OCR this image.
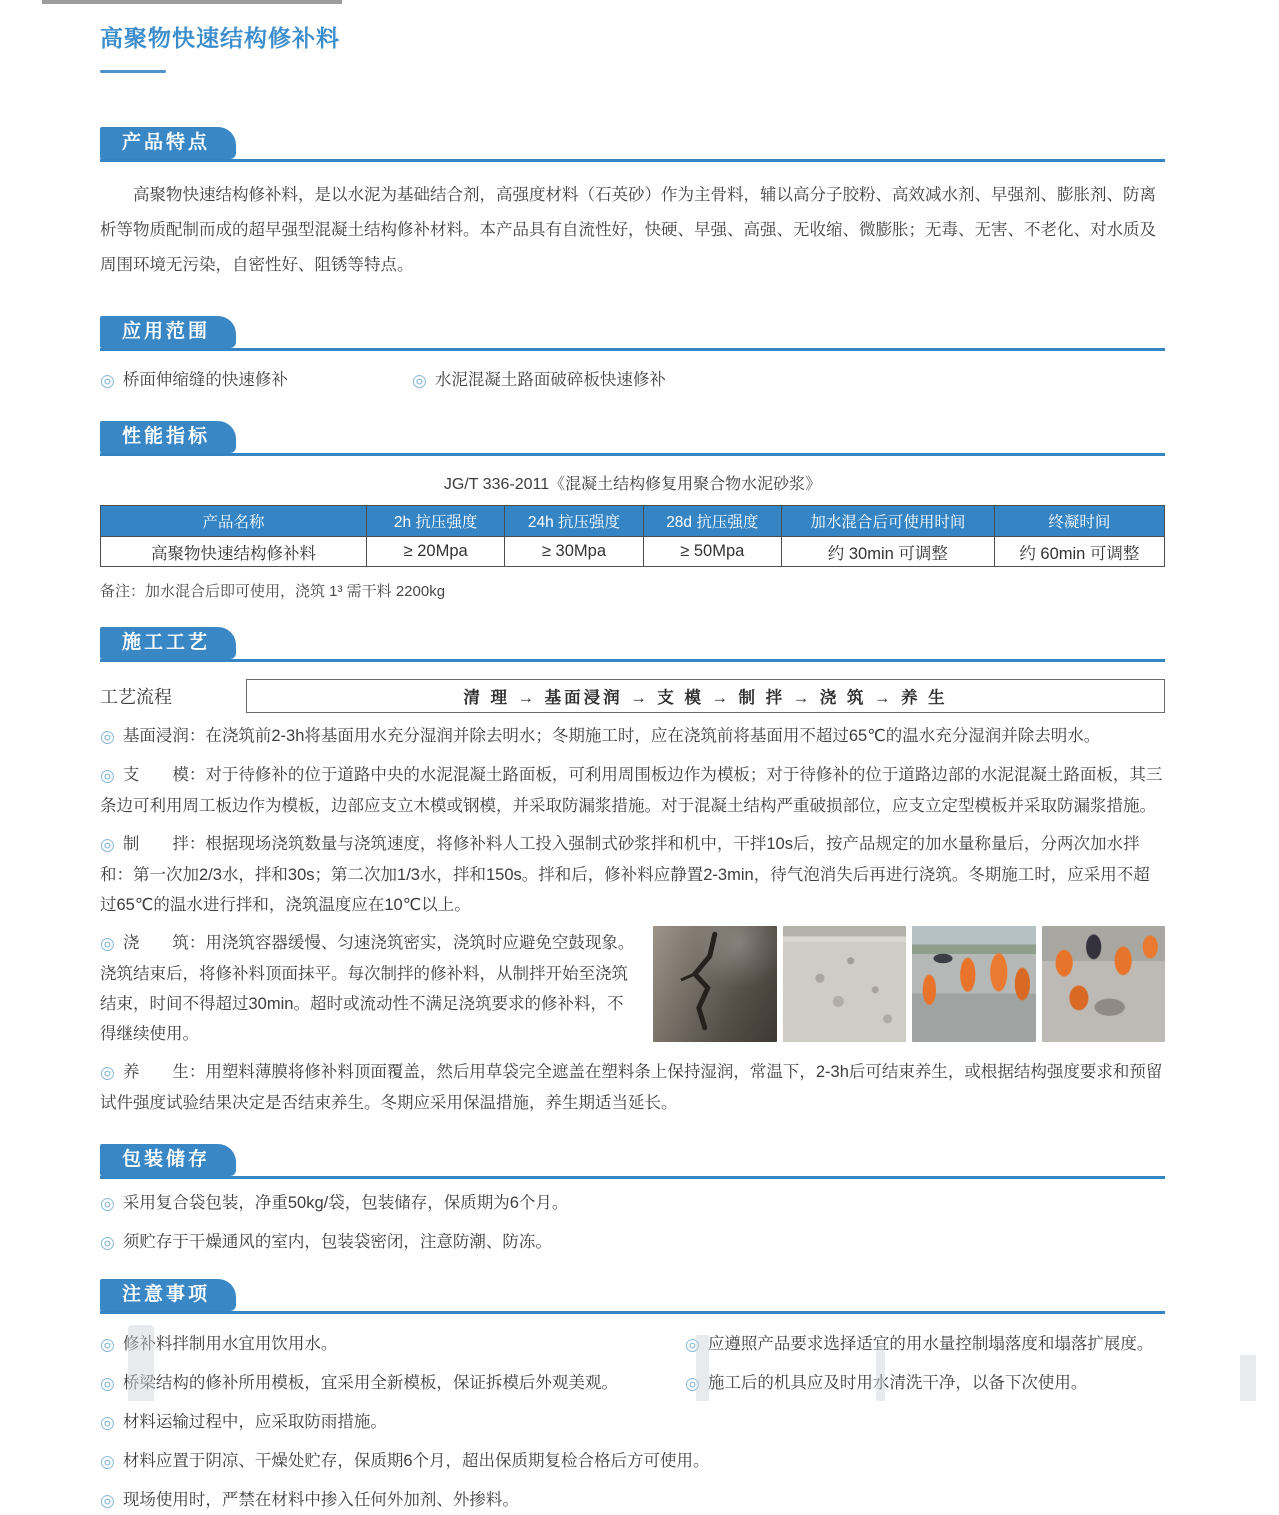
高聚物快速结构修补料
产品特点

高聚物快速结构修补料，是以水泥为基础结合剂，高强度材料（石英砂）作为主骨料，辅以高分子胶粉、高效减水剂、早强剂、膨胀剂、防离析等物质配制而成的超早强型混凝土结构修补材料。本产品具有自流性好，快硬、早强、高强、无收缩、微膨胀；无毒、无害、不老化、对水质及周围环境无污染，自密性好、阻锈等特点。

应用范围
◎ 桥面伸缩缝的快速修补	◎ 水泥混凝土路面破碎板快速修补
性能指标

JG/T 336-2011《混凝土结构修复用聚合物水泥砂浆》

产品名称	2h 抗压强度	24h 抗压强度	28d 抗压强度	加水混合后可使用时间	终凝时间
高聚物快速结构修补料	≥ 20Mpa	≥ 30Mpa	≥ 50Mpa	约 30min 可调整	约 60min 可调整

备注：加水混合后即可使用，浇筑 1³ 需干料 2200kg

施工工艺
工艺流程	清 理 → 基面浸润 → 支 模 → 制 拌 → 浇 筑 → 养 生

◎ 基面浸润：在浇筑前2-3h将基面用水充分湿润并除去明水；冬期施工时，应在浇筑前将基面用不超过65℃的温水充分湿润并除去明水。

◎ 支　　模：对于待修补的位于道路中央的水泥混凝土路面板，可利用周围板边作为模板；对于待修补的位于道路边部的水泥混凝土路面板，其三条边可利用周工板边作为模板，边部应支立木模或钢模，并采取防漏浆措施。对于混凝土结构严重破损部位，应支立定型模板并采取防漏浆措施。

◎ 制　　拌：根据现场浇筑数量与浇筑速度，将修补料人工投入强制式砂浆拌和机中，干拌10s后，按产品规定的加水量称量后，分两次加水拌和：第一次加2/3水，拌和30s；第二次加1/3水，拌和150s。拌和后，修补料应静置2-3min，待气泡消失后再进行浇筑。冬期施工时，应采用不超过65℃的温水进行拌和，浇筑温度应在10℃以上。

◎ 浇　　筑：用浇筑容器缓慢、匀速浇筑密实，浇筑时应避免空鼓现象。浇筑结束后，将修补料顶面抹平。每次制拌的修补料，从制拌开始至浇筑结束，时间不得超过30min。超时或流动性不满足浇筑要求的修补料，不得继续使用。

◎ 养　　生：用塑料薄膜将修补料顶面覆盖，然后用草袋完全遮盖在塑料条上保持湿润，常温下，2-3h后可结束养生，或根据结构强度要求和预留试件强度试验结果决定是否结束养生。冬期应采用保温措施，养生期适当延长。

包装储存

◎ 采用复合袋包装，净重50kg/袋，包装储存，保质期为6个月。

◎ 须贮存于干燥通风的室内，包装袋密闭，注意防潮、防冻。

注意事项

◎ 修补料拌制用水宜用饮用水。	◎ 应遵照产品要求选择适宜的用水量控制塌落度和塌落扩展度。

◎ 桥梁结构的修补所用模板，宜采用全新模板，保证拆模后外观美观。	◎ 施工后的机具应及时用水清洗干净，以备下次使用。

◎ 材料运输过程中，应采取防雨措施。

◎ 材料应置于阴凉、干燥处贮存，保质期6个月，超出保质期复检合格后方可使用。

◎ 现场使用时，严禁在材料中掺入任何外加剂、外掺料。
